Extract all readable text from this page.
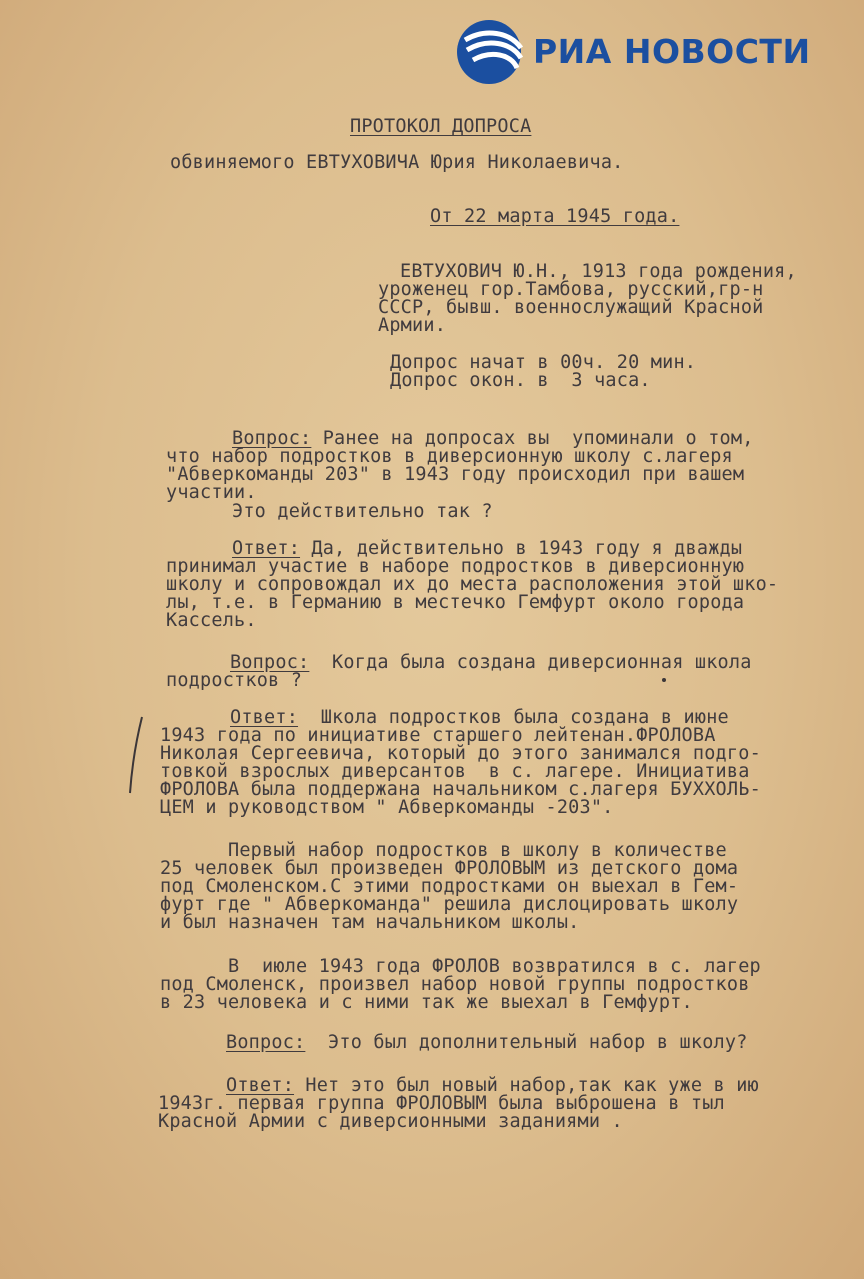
РИА НОВОСТИ
ПРОТОКОЛ ДОПРОСА
обвиняемого ЕВТУХОВИЧА Юрия Николаевича.
От 22 марта 1945 года.
ЕВТУХОВИЧ Ю.Н., 1913 года рождения,
уроженец гор.Тамбова, русский,гр-н
СССР, бывш. военнослужащий Красной
Армии.
Допрос начат в 00ч. 20 мин.
Допрос окон. в  3 часа.
Вопрос: Ранее на допросах вы  упоминали о том,
что набор подростков в диверсионную школу с.лагеря
"Абверкоманды 203" в 1943 году происходил при вашем
участии.
Это действительно так ?
Ответ: Да, действительно в 1943 году я дважды
принимал участие в наборе подростков в диверсионную
школу и сопровождал их до места расположения этой шко-
лы, т.е. в Германию в местечко Гемфурт около города
Кассель.
Вопрос:  Когда была создана диверсионная школа
подростков ?
Ответ:  Школа подростков была создана в июне
1943 года по инициативе старшего лейтенан.ФРОЛОВА
Николая Сергеевича, который до этого занимался подго-
товкой взрослых диверсантов  в с. лагере. Инициатива
ФРОЛОВА была поддержана начальником с.лагеря БУХХОЛЬ-
ЦЕМ и руководством " Абверкоманды -203".
Первый набор подростков в школу в количестве
25 человек был произведен ФРОЛОВЫМ из детского дома
под Смоленском.С этими подростками он выехал в Гем-
фурт где " Абверкоманда" решила дислоцировать школу
и был назначен там начальником школы.
В  июле 1943 года ФРОЛОВ возвратился в с. лагер
под Смоленск, произвел набор новой группы подростков
в 23 человека и с ними так же выехал в Гемфурт.
Вопрос:  Это был дополнительный набор в школу?
Ответ: Нет это был новый набор,так как уже в ию
1943г. первая группа ФРОЛОВЫМ была выброшена в тыл
Красной Армии с диверсионными заданиями .
